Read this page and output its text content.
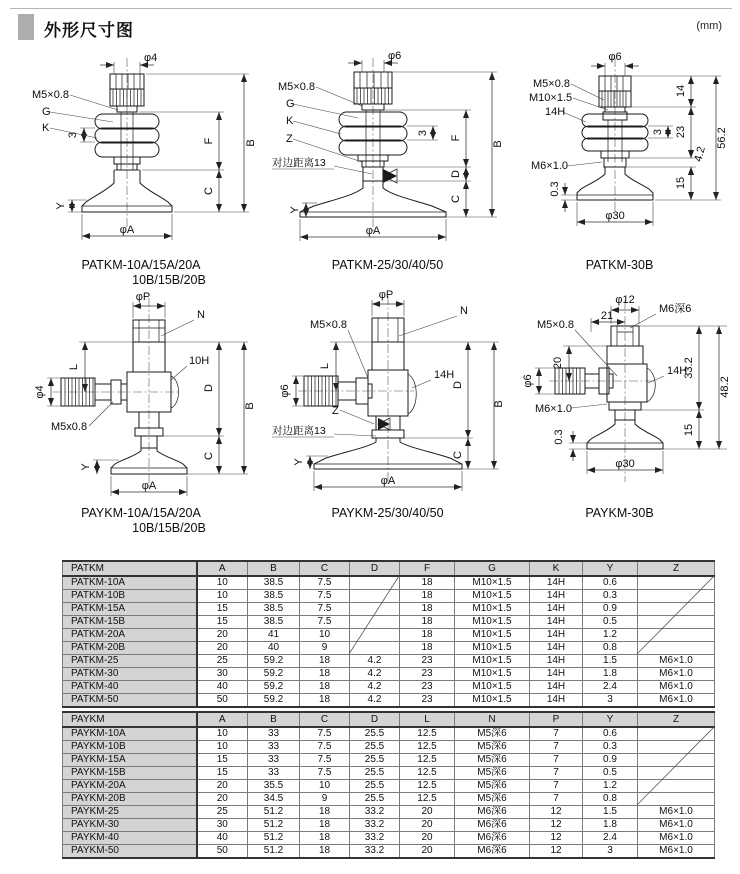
外形尺寸图	(mm)
φ4
M5×0.8
G
K
3
Y
F	B
C
φA
PATKM-10A/15A/20A
10B/15B/20B
φ6
M5×0.8
G
K
Z
对边距离13
3
Y
F
D
B
C
φA
PATKM-25/30/40/50
φ6
M5×0.8
M10×1.5
14H
M6×1.0
3
0.3
14
23
4.2
56.2
15
φ30
PATKM-30B
φP
N
10H
φ4
L
M5x0.8
Y
D
B
C
φA
PAYKM-10A/15A/20A
10B/15B/20B
φP
N
M5×0.8
14H
φ6
L
Z
对边距离13
Y
D
B
C
φA
PAYKM-25/30/40/50
φ12
21
M6深6
M5×0.8
14H
20
φ6
M6×1.0
0.3
33.2
48.2
15
φ30
PAYKM-30B
PATKM	A	B	C	D	F	G	K	Y	Z
PATKM-10A	10	38.5	7.5		18	M10×1.5	14H	0.6	
PATKM-10B	10	38.5	7.5		18	M10×1.5	14H	0.3	
PATKM-15A	15	38.5	7.5		18	M10×1.5	14H	0.9	
PATKM-15B	15	38.5	7.5		18	M10×1.5	14H	0.5	
PATKM-20A	20	41	10		18	M10×1.5	14H	1.2	
PATKM-20B	20	40	9		18	M10×1.5	14H	0.8	
PATKM-25	25	59.2	18	4.2	23	M10×1.5	14H	1.5	M6×1.0
PATKM-30	30	59.2	18	4.2	23	M10×1.5	14H	1.8	M6×1.0
PATKM-40	40	59.2	18	4.2	23	M10×1.5	14H	2.4	M6×1.0
PATKM-50	50	59.2	18	4.2	23	M10×1.5	14H	3	M6×1.0
PAYKM	A	B	C	D	L	N	P	Y	Z
PAYKM-10A	10	33	7.5	25.5	12.5	M5深6	7	0.6	
PAYKM-10B	10	33	7.5	25.5	12.5	M5深6	7	0.3	
PAYKM-15A	15	33	7.5	25.5	12.5	M5深6	7	0.9	
PAYKM-15B	15	33	7.5	25.5	12.5	M5深6	7	0.5	
PAYKM-20A	20	35.5	10	25.5	12.5	M5深6	7	1.2	
PAYKM-20B	20	34.5	9	25.5	12.5	M5深6	7	0.8	
PAYKM-25	25	51.2	18	33.2	20	M6深6	12	1.5	M6×1.0
PAYKM-30	30	51.2	18	33.2	20	M6深6	12	1.8	M6×1.0
PAYKM-40	40	51.2	18	33.2	20	M6深6	12	2.4	M6×1.0
PAYKM-50	50	51.2	18	33.2	20	M6深6	12	3	M6×1.0
